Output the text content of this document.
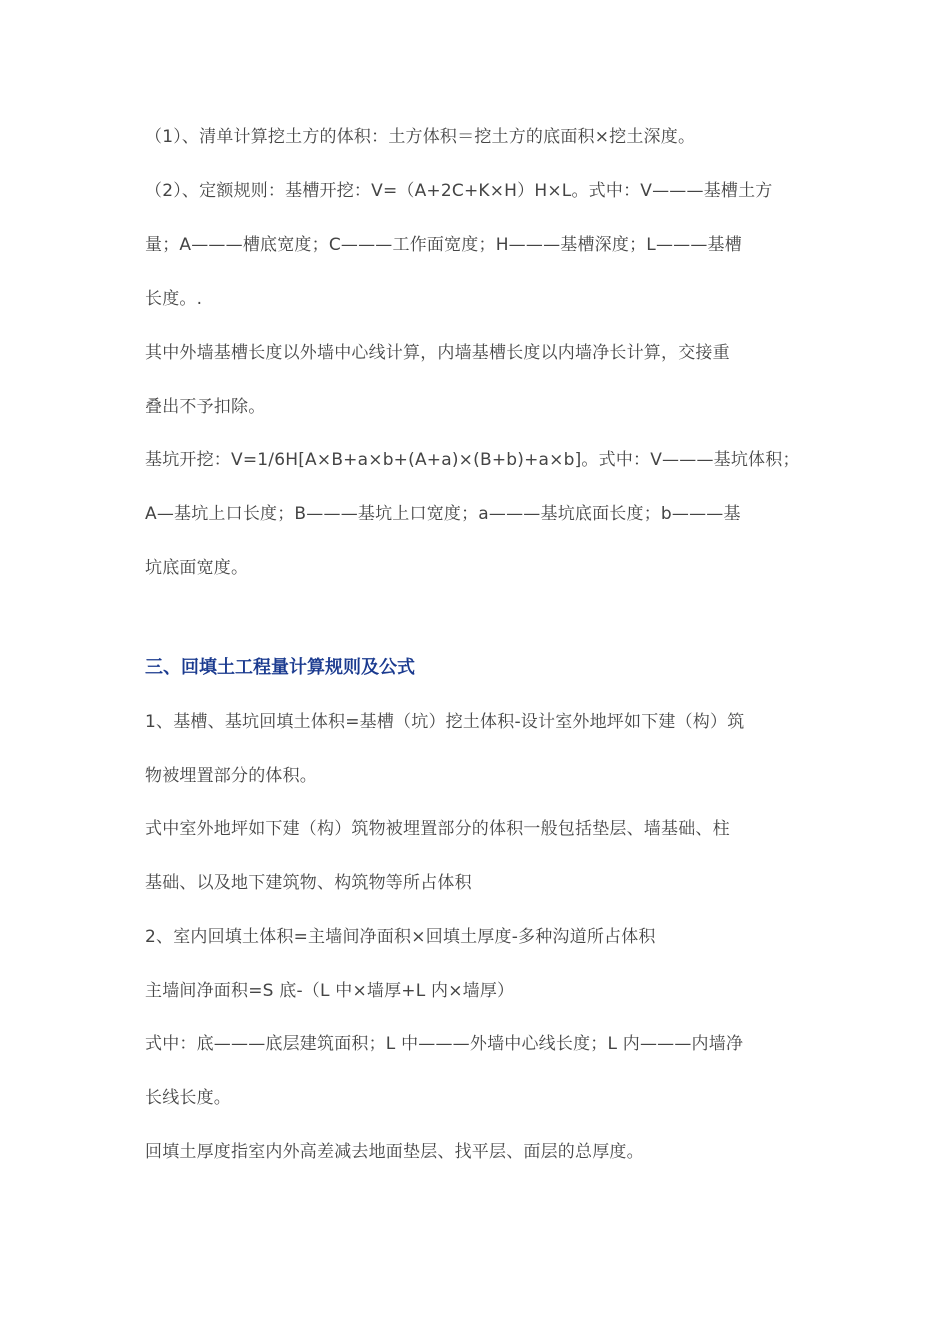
（1）、清单计算挖土方的体积：土方体积＝挖土方的底面积×挖土深度。
（2）、定额规则：基槽开挖：V=（A+2C+K×H）H×L。式中：V———基槽土方
量；A———槽底宽度；C———工作面宽度；H———基槽深度；L———基槽
长度。.
其中外墙基槽长度以外墙中心线计算，内墙基槽长度以内墙净长计算，交接重
叠出不予扣除。
基坑开挖：V=1/6H[A×B+a×b+(A+a)×(B+b)+a×b]。式中：V———基坑体积；
A—基坑上口长度；B———基坑上口宽度；a———基坑底面长度；b———基
坑底面宽度。
三、回填土工程量计算规则及公式
1、基槽、基坑回填土体积=基槽（坑）挖土体积-设计室外地坪如下建（构）筑
物被埋置部分的体积。
式中室外地坪如下建（构）筑物被埋置部分的体积一般包括垫层、墙基础、柱
基础、以及地下建筑物、构筑物等所占体积
2、室内回填土体积=主墙间净面积×回填土厚度-多种沟道所占体积
主墙间净面积=S 底-（L 中×墙厚+L 内×墙厚）
式中：底———底层建筑面积；L 中———外墙中心线长度；L 内———内墙净
长线长度。
回填土厚度指室内外高差减去地面垫层、找平层、面层的总厚度。
